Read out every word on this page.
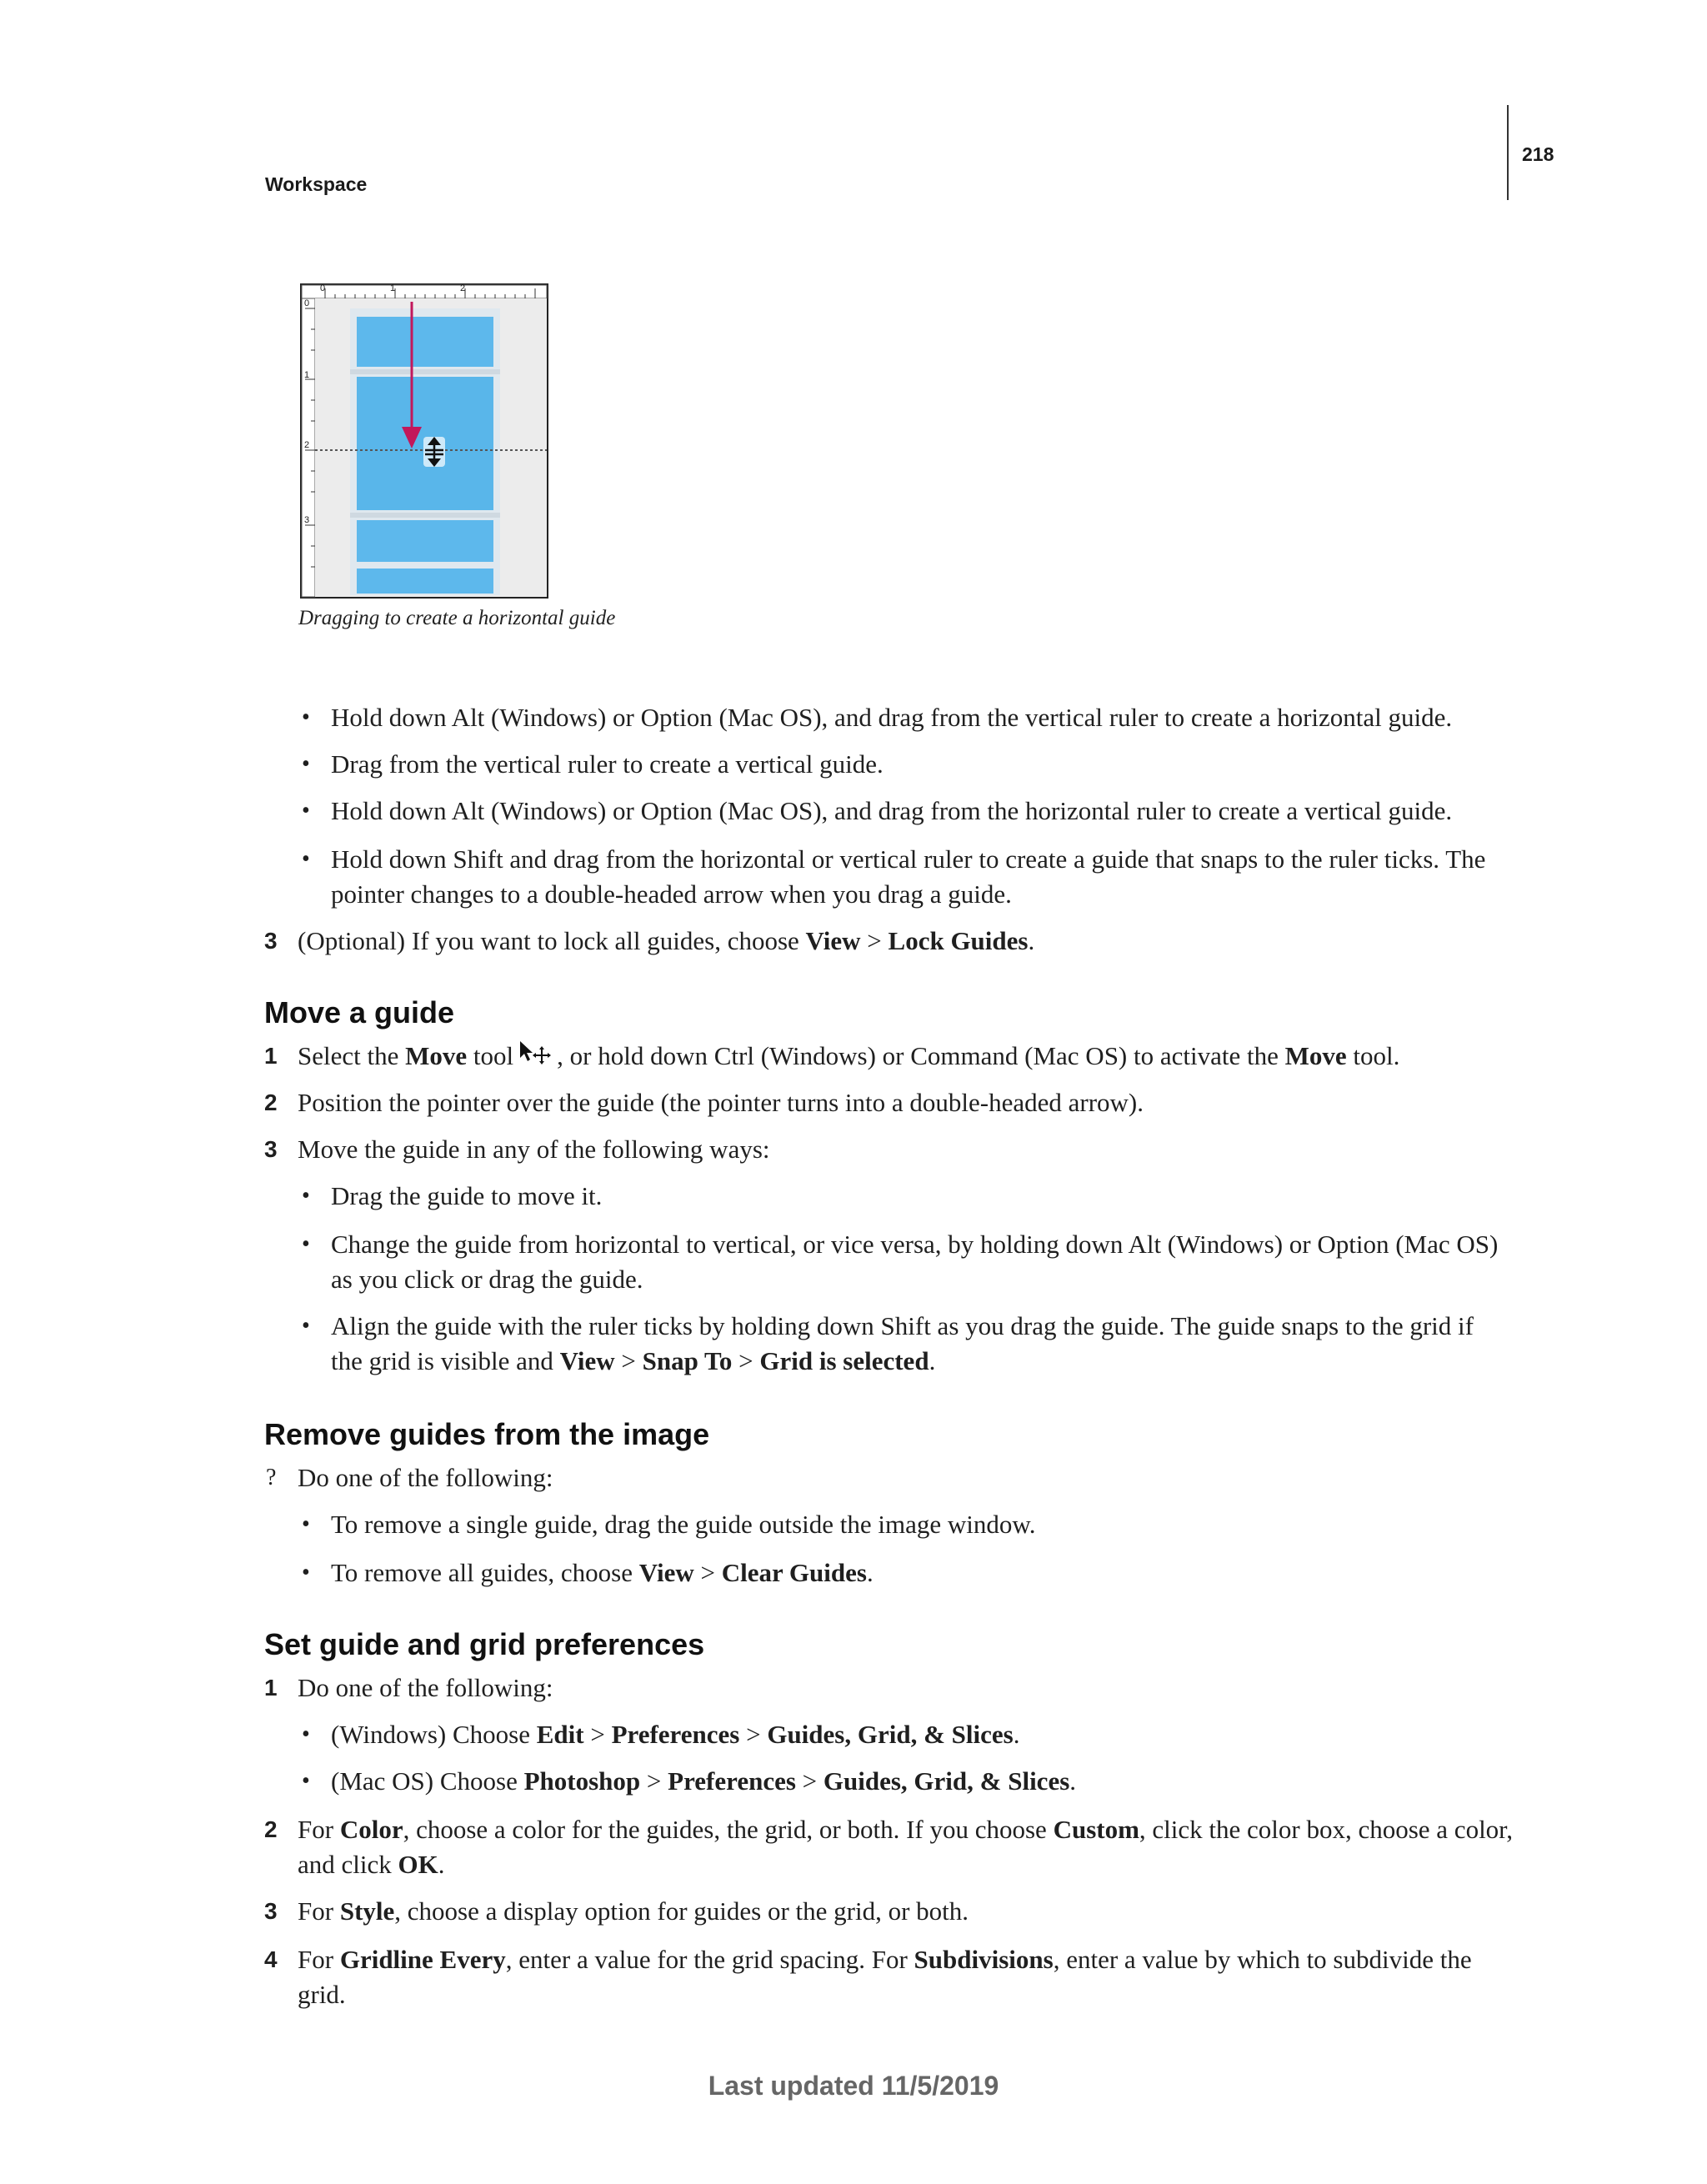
Workspace
218
0	1	2
0
1
2
3
Dragging to create a horizontal guide
• Hold down Alt (Windows) or Option (Mac OS), and drag from the vertical ruler to create a horizontal guide.
• Drag from the vertical ruler to create a vertical guide.
• Hold down Alt (Windows) or Option (Mac OS), and drag from the horizontal ruler to create a vertical guide.
• Hold down Shift and drag from the horizontal or vertical ruler to create a guide that snaps to the ruler ticks. The
pointer changes to a double-headed arrow when you drag a guide.
3 (Optional) If you want to lock all guides, choose View > Lock Guides.
Move a guide
1 Select the Move tool , or hold down Ctrl (Windows) or Command (Mac OS) to activate the Move tool.
2 Position the pointer over the guide (the pointer turns into a double-headed arrow).
3 Move the guide in any of the following ways:
• Drag the guide to move it.
• Change the guide from horizontal to vertical, or vice versa, by holding down Alt (Windows) or Option (Mac OS)
as you click or drag the guide.
• Align the guide with the ruler ticks by holding down Shift as you drag the guide. The guide snaps to the grid if
the grid is visible and View > Snap To > Grid is selected.
Remove guides from the image
? Do one of the following:
• To remove a single guide, drag the guide outside the image window.
• To remove all guides, choose View > Clear Guides.
Set guide and grid preferences
1 Do one of the following:
• (Windows) Choose Edit > Preferences > Guides, Grid, & Slices.
• (Mac OS) Choose Photoshop > Preferences > Guides, Grid, & Slices.
2 For Color, choose a color for the guides, the grid, or both. If you choose Custom, click the color box, choose a color,
and click OK.
3 For Style, choose a display option for guides or the grid, or both.
4 For Gridline Every, enter a value for the grid spacing. For Subdivisions, enter a value by which to subdivide the
grid.
Last updated 11/5/2019
